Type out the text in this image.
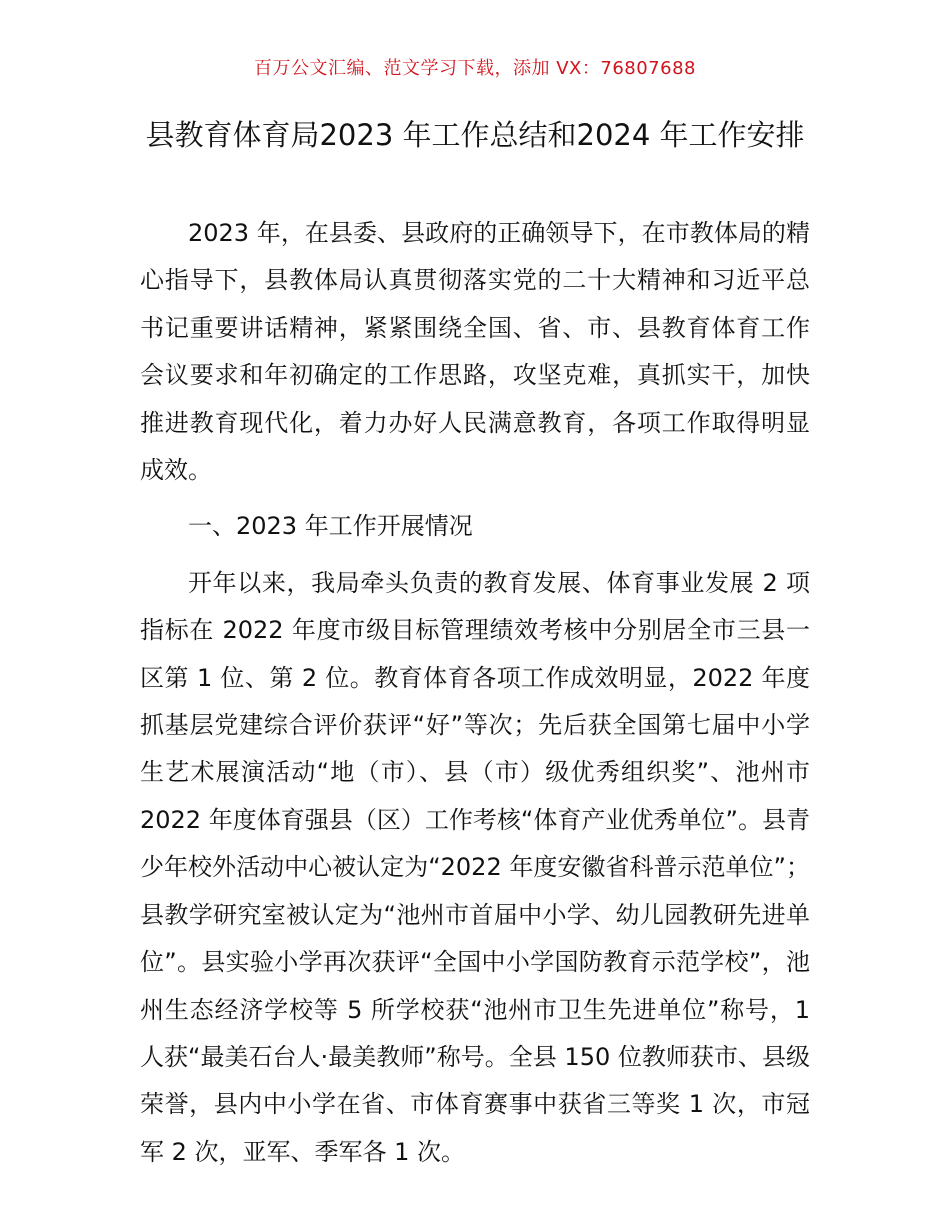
百万公文汇编、范文学习下载，添加 VX：76807688
县教育体育局2023 年工作总结和2024 年工作安排

2023 年，在县委、县政府的正确领导下，在市教体局的精心指导下，县教体局认真贯彻落实党的二十大精神和习近平总书记重要讲话精神，紧紧围绕全国、省、市、县教育体育工作会议要求和年初确定的工作思路，攻坚克难，真抓实干，加快推进教育现代化，着力办好人民满意教育，各项工作取得明显成效。

一、2023 年工作开展情况

开年以来，我局牵头负责的教育发展、体育事业发展 2 项指标在 2022 年度市级目标管理绩效考核中分别居全市三县一区第 1 位、第 2 位。教育体育各项工作成效明显，2022 年度抓基层党建综合评价获评“好”等次；先后获全国第七届中小学生艺术展演活动“地（市）、县（市）级优秀组织奖”、池州市 2022 年度体育强县（区）工作考核“体育产业优秀单位”。县青少年校外活动中心被认定为“2022 年度安徽省科普示范单位”；县教学研究室被认定为“池州市首届中小学、幼儿园教研先进单位”。县实验小学再次获评“全国中小学国防教育示范学校”，池州生态经济学校等 5 所学校获“池州市卫生先进单位”称号，1 人获“最美石台人·最美教师”称号。全县 150 位教师获市、县级荣誉，县内中小学在省、市体育赛事中获省三等奖 1 次，市冠军 2 次，亚军、季军各 1 次。
